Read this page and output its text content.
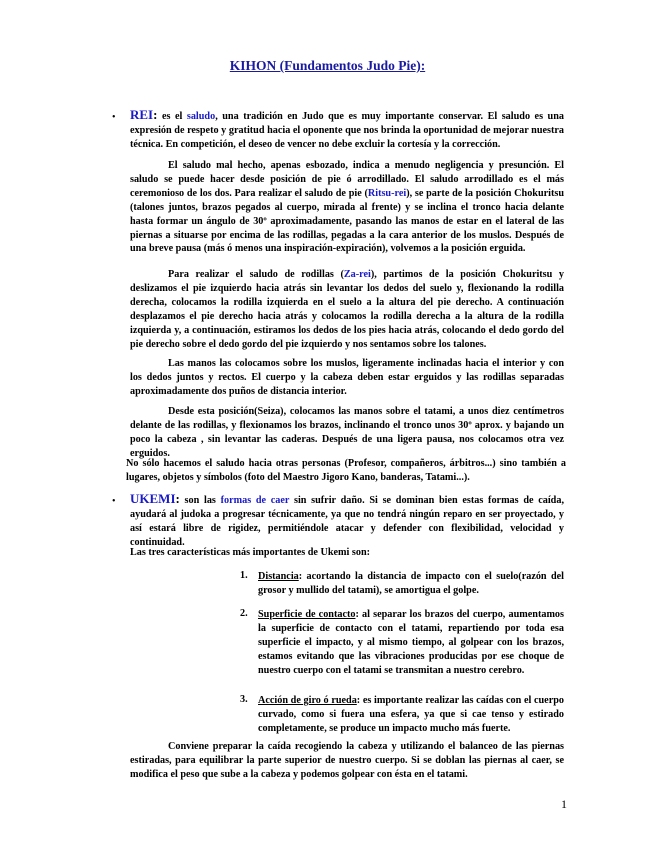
KIHON (Fundamentos Judo Pie):
• REI: es el saludo, una tradición en Judo que es muy importante conservar. El saludo es una expresión de respeto y gratitud hacia el oponente que nos brinda la oportunidad de mejorar nuestra técnica. En competición, el deseo de vencer no debe excluir la cortesía y la corrección.
El saludo mal hecho, apenas esbozado, indica a menudo negligencia y presunción. El saludo se puede hacer desde posición de pie ó arrodillado. El saludo arrodillado es el más ceremonioso de los dos. Para realizar el saludo de pie (Ritsu-rei), se parte de la posición Chokuritsu (talones juntos, brazos pegados al cuerpo, mirada al frente) y se inclina el tronco hacia delante hasta formar un ángulo de 30º aproximadamente, pasando las manos de estar en el lateral de las piernas a situarse por encima de las rodillas, pegadas a la cara anterior de los muslos. Después de una breve pausa (más ó menos una inspiración-expiración), volvemos a la posición erguida.
Para realizar el saludo de rodillas (Za-rei), partimos de la posición Chokuritsu y deslizamos el pie izquierdo hacia atrás sin levantar los dedos del suelo y, flexionando la rodilla derecha, colocamos la rodilla izquierda en el suelo a la altura del pie derecho. A continuación desplazamos el pie derecho hacia atrás y colocamos la rodilla derecha a la altura de la rodilla izquierda y, a continuación, estiramos los dedos de los pies hacia atrás, colocando el dedo gordo del pie derecho sobre el dedo gordo del pie izquierdo y nos sentamos sobre los talones.
Las manos las colocamos sobre los muslos, ligeramente inclinadas hacia el interior y con los dedos juntos y rectos. El cuerpo y la cabeza deben estar erguidos y las rodillas separadas aproximadamente dos puños de distancia interior.
Desde esta posición(Seiza), colocamos las manos sobre el tatami, a unos diez centímetros delante de las rodillas, y flexionamos los brazos, inclinando el tronco unos 30º aprox. y bajando un poco la cabeza , sin levantar las caderas. Después de una ligera pausa, nos colocamos otra vez erguidos.
No sólo hacemos el saludo hacia otras personas (Profesor, compañeros, árbitros...) sino también a lugares, objetos y símbolos (foto del Maestro Jigoro Kano, banderas, Tatami...).
• UKEMI: son las formas de caer sin sufrir daño. Si se dominan bien estas formas de caída, ayudará al judoka a progresar técnicamente, ya que no tendrá ningún reparo en ser proyectado, y así estará libre de rigidez, permitiéndole atacar y defender con flexibilidad, velocidad y continuidad.
Las tres características más importantes de Ukemi son:
1. Distancia: acortando la distancia de impacto con el suelo(razón del grosor y mullido del tatami), se amortigua el golpe.
2. Superficie de contacto: al separar los brazos del cuerpo, aumentamos la superficie de contacto con el tatami, repartiendo por toda esa superficie el impacto, y al mismo tiempo, al golpear con los brazos, estamos evitando que las vibraciones producidas por ese choque de nuestro cuerpo con el tatami se transmitan a nuestro cerebro.
3. Acción de giro ó rueda: es importante realizar las caídas con el cuerpo curvado, como si fuera una esfera, ya que si cae tenso y estirado completamente, se produce un impacto mucho más fuerte.
Conviene preparar la caída recogiendo la cabeza y utilizando el balanceo de las piernas estiradas, para equilibrar la parte superior de nuestro cuerpo. Si se doblan las piernas al caer, se modifica el peso que sube a la cabeza y podemos golpear con ésta en el tatami.
1
